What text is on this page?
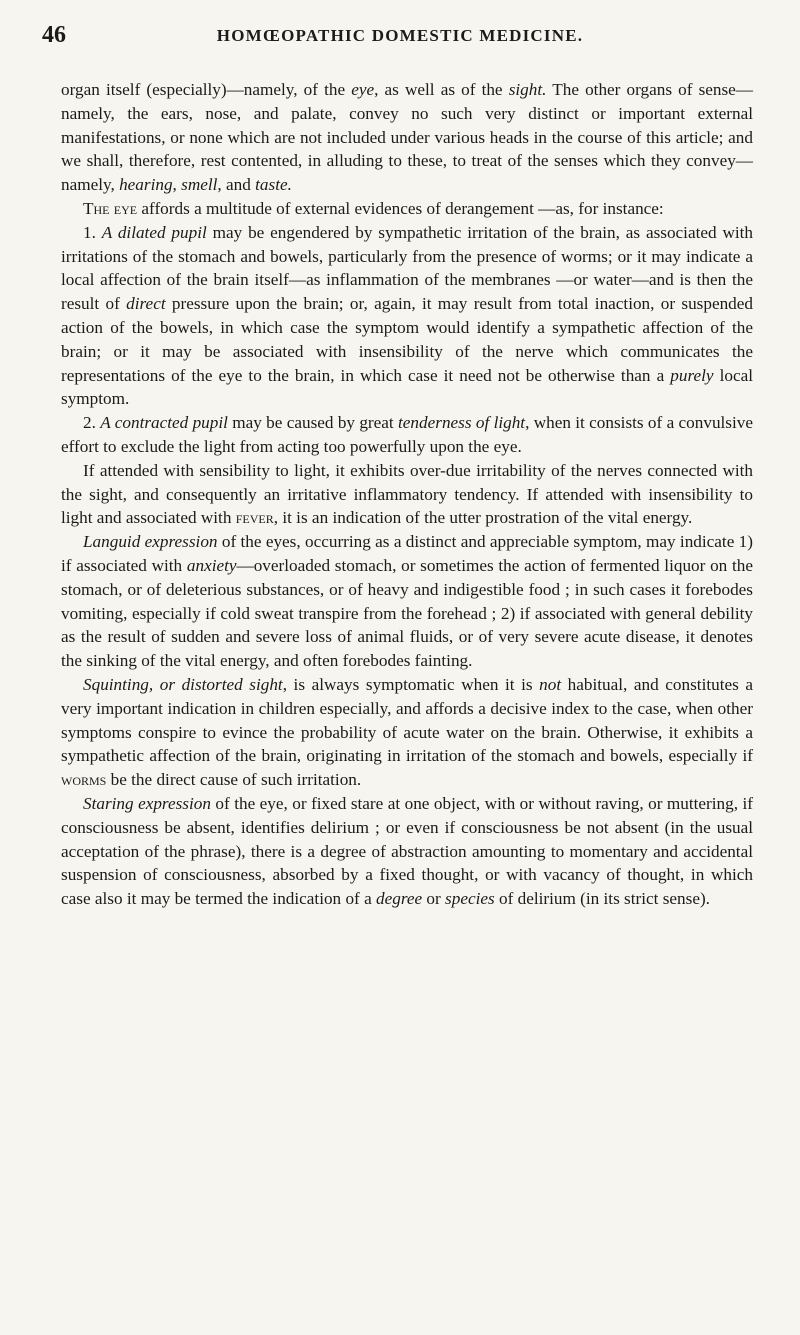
46	HOMŒOPATHIC DOMESTIC MEDICINE.

organ itself (especially)—namely, of the eye, as well as of the sight. The other organs of sense—namely, the ears, nose, and palate, convey no such very distinct or important external manifestations, or none which are not included under various heads in the course of this article; and we shall, therefore, rest contented, in alluding to these, to treat of the senses which they convey—namely, hearing, smell, and taste.

The eye affords a multitude of external evidences of derangement —as, for instance:

1. A dilated pupil may be engendered by sympathetic irritation of the brain, as associated with irritations of the stomach and bowels, particularly from the presence of worms; or it may indicate a local affection of the brain itself—as inflammation of the membranes —or water—and is then the result of direct pressure upon the brain; or, again, it may result from total inaction, or suspended action of the bowels, in which case the symptom would identify a sympathetic affection of the brain; or it may be associated with insensibility of the nerve which communicates the representations of the eye to the brain, in which case it need not be otherwise than a purely local symptom.

2. A contracted pupil may be caused by great tenderness of light, when it consists of a convulsive effort to exclude the light from acting too powerfully upon the eye.

If attended with sensibility to light, it exhibits over-due irritability of the nerves connected with the sight, and consequently an irritative inflammatory tendency. If attended with insensibility to light and associated with fever, it is an indication of the utter prostration of the vital energy.

Languid expression of the eyes, occurring as a distinct and appreciable symptom, may indicate 1) if associated with anxiety—overloaded stomach, or sometimes the action of fermented liquor on the stomach, or of deleterious substances, or of heavy and indigestible food ; in such cases it forebodes vomiting, especially if cold sweat transpire from the forehead ; 2) if associated with general debility as the result of sudden and severe loss of animal fluids, or of very severe acute disease, it denotes the sinking of the vital energy, and often forebodes fainting.

Squinting, or distorted sight, is always symptomatic when it is not habitual, and constitutes a very important indication in children especially, and affords a decisive index to the case, when other symptoms conspire to evince the probability of acute water on the brain. Otherwise, it exhibits a sympathetic affection of the brain, originating in irritation of the stomach and bowels, especially if worms be the direct cause of such irritation.

Staring expression of the eye, or fixed stare at one object, with or without raving, or muttering, if consciousness be absent, identifies delirium ; or even if consciousness be not absent (in the usual acceptation of the phrase), there is a degree of abstraction amounting to momentary and accidental suspension of consciousness, absorbed by a fixed thought, or with vacancy of thought, in which case also it may be termed the indication of a degree or species of delirium (in its strict sense).
